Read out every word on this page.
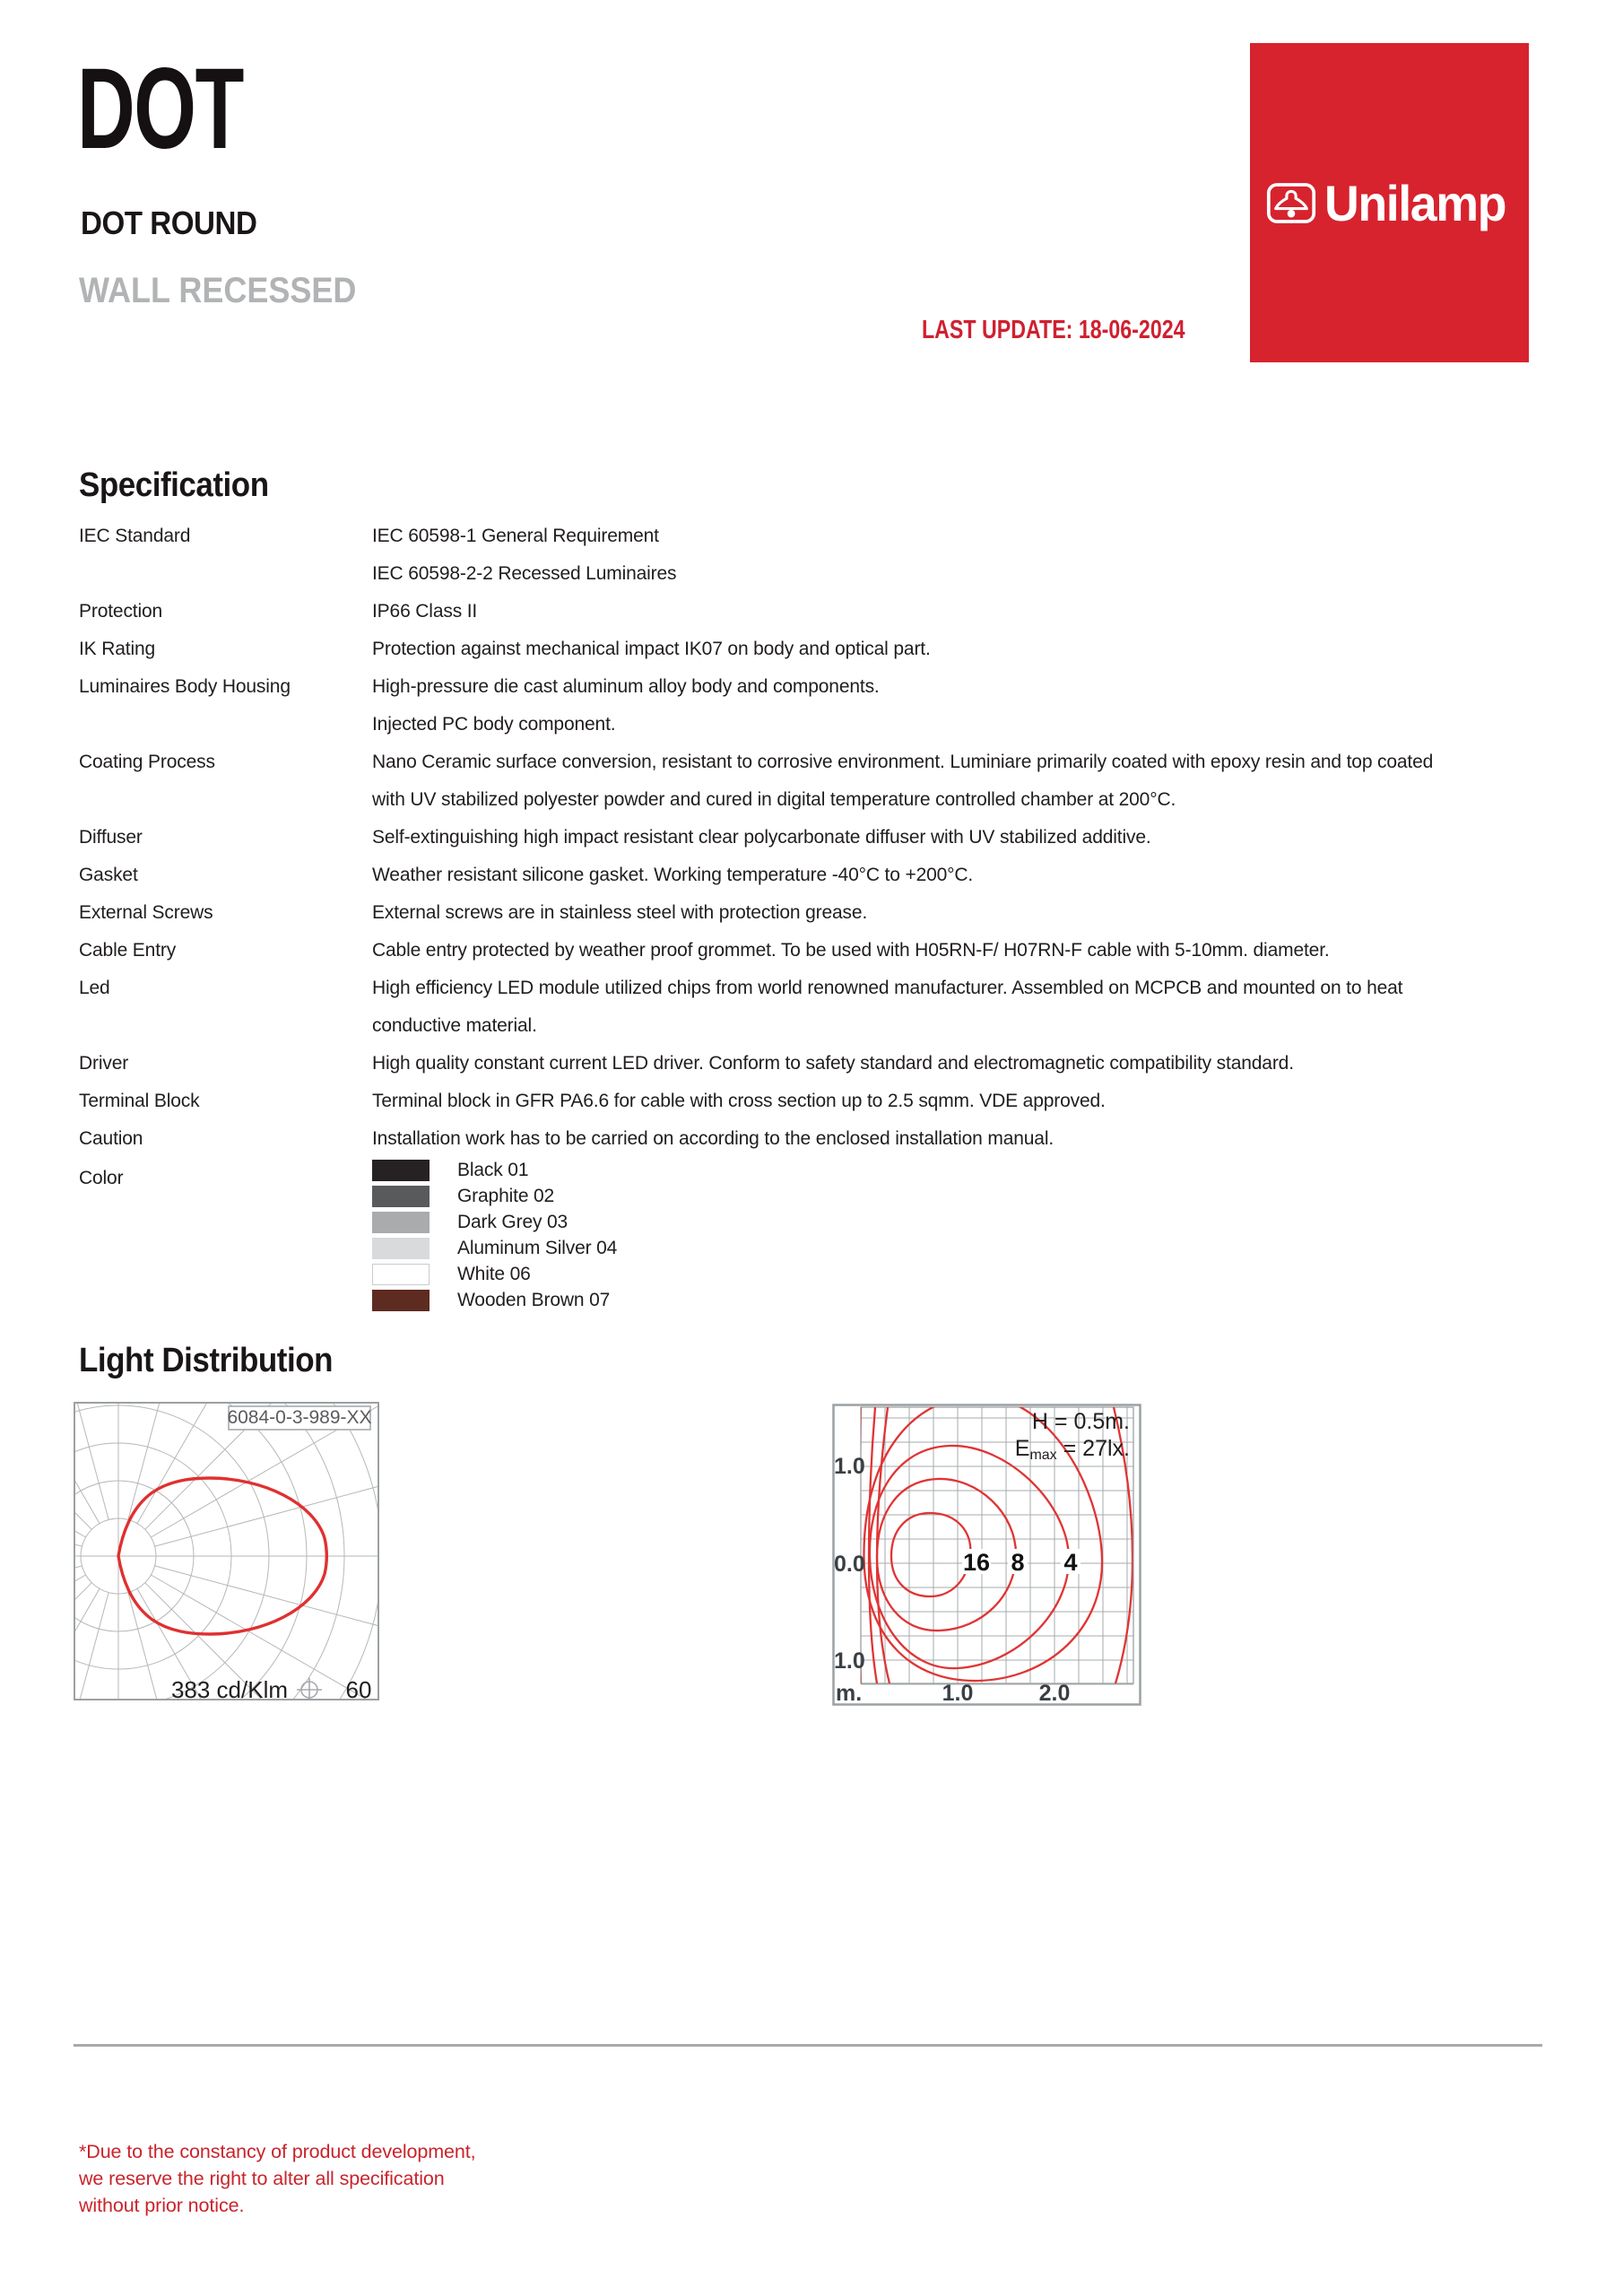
DOT
DOT ROUND
WALL RECESSED
LAST UPDATE: 18-06-2024
Unilamp
Specification
IEC Standard	IEC 60598-1 General Requirement
IEC 60598-2-2 Recessed Luminaires
Protection	IP66 Class II
IK Rating	Protection against mechanical impact IK07 on body and optical part.
Luminaires Body Housing	High-pressure die cast aluminum alloy body and components.
Injected PC body component.
Coating Process	Nano Ceramic surface conversion, resistant to corrosive environment. Luminiare primarily coated with epoxy resin and top coated
with UV stabilized polyester powder and cured in digital temperature controlled chamber at 200°C.
Diffuser	Self-extinguishing high impact resistant clear polycarbonate diffuser with UV stabilized additive.
Gasket	Weather resistant silicone gasket. Working temperature -40°C to +200°C.
External Screws	External screws are in stainless steel with protection grease.
Cable Entry	Cable entry protected by weather proof grommet. To be used with H05RN-F/ H07RN-F cable with 5-10mm. diameter.
Led	High efficiency LED module utilized chips from world renowned manufacturer. Assembled on MCPCB and mounted on to heat
conductive material.
Driver	High quality constant current LED driver. Conform to safety standard and electromagnetic compatibility standard.
Terminal Block	Terminal block in GFR PA6.6 for cable with cross section up to 2.5 sqmm. VDE approved.
Caution	Installation work has to be carried on according to the enclosed installation manual.
Color	Black 01
Graphite 02
Dark Grey 03
Aluminum Silver 04
White 06
Wooden Brown 07
Light Distribution
6084-0-3-989-XX
383 cd/Klm 60
16 8 4
H = 0.5m.
Emax = 27lx.
1.0
0.0
1.0
m.	1.0	2.0
*Due to the constancy of product development,
we reserve the right to alter all specification
without prior notice.
